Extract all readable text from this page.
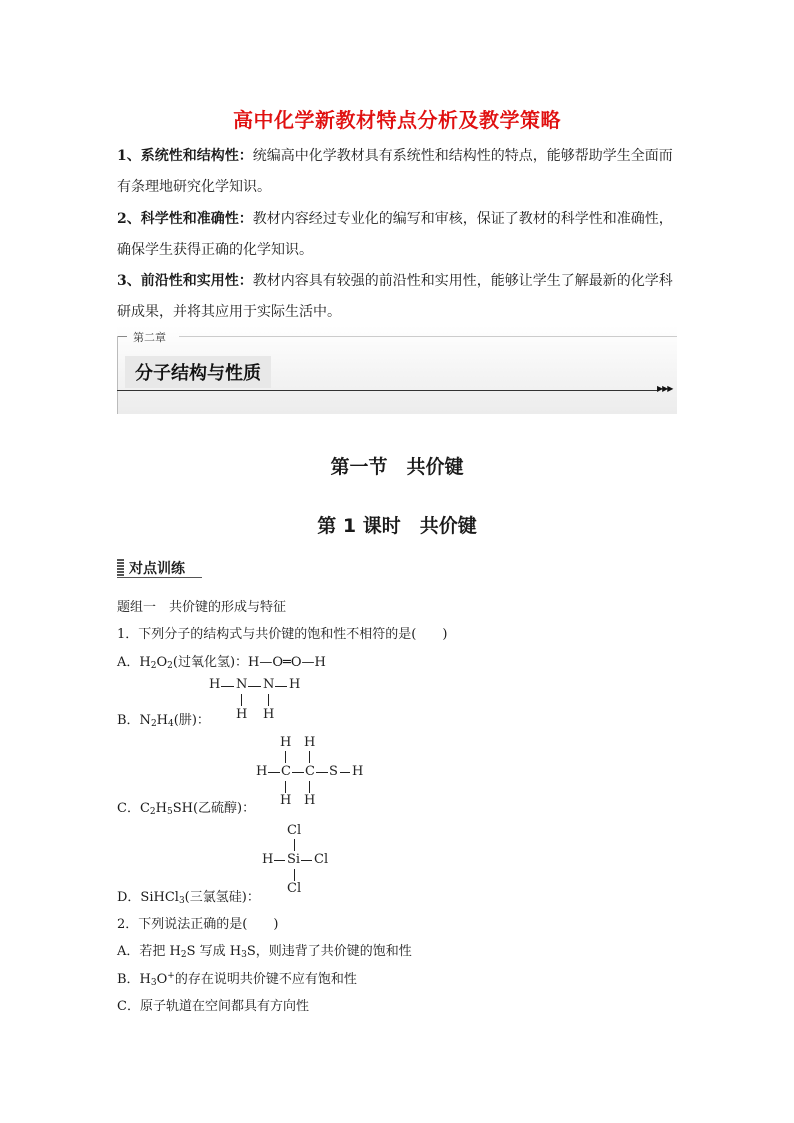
高中化学新教材特点分析及教学策略
1、系统性和结构性：统编高中化学教材具有系统性和结构性的特点，能够帮助学生全面而
有条理地研究化学知识。
2、科学性和准确性：教材内容经过专业化的编写和审核，保证了教材的科学性和准确性，
确保学生获得正确的化学知识。
3、前沿性和实用性：教材内容具有较强的前沿性和实用性，能够让学生了解最新的化学科
研成果，并将其应用于实际生活中。
第二章
分子结构与性质
▶▶▶
第一节　共价键
第 1 课时　共价键
对点训练
题组一　共价键的形成与特征
1．下列分子的结构式与共价键的饱和性不相符的是(　　)
A．$H_2O_2$(过氧化氢)：H—O═O—H
H N N H
H H
B．$N_2H_4$(肼)：
H H
H C C S H
H H
C．$C_2H_5SH$(乙硫醇)：
Cl
H Si Cl
Cl
D．SiHCl$_3$(三氯氢硅)：
2．下列说法正确的是(　　)
A．若把 $H_2S$ 写成 $H_3S$，则违背了共价键的饱和性
B．$H_3O^+$的存在说明共价键不应有饱和性
C．原子轨道在空间都具有方向性
